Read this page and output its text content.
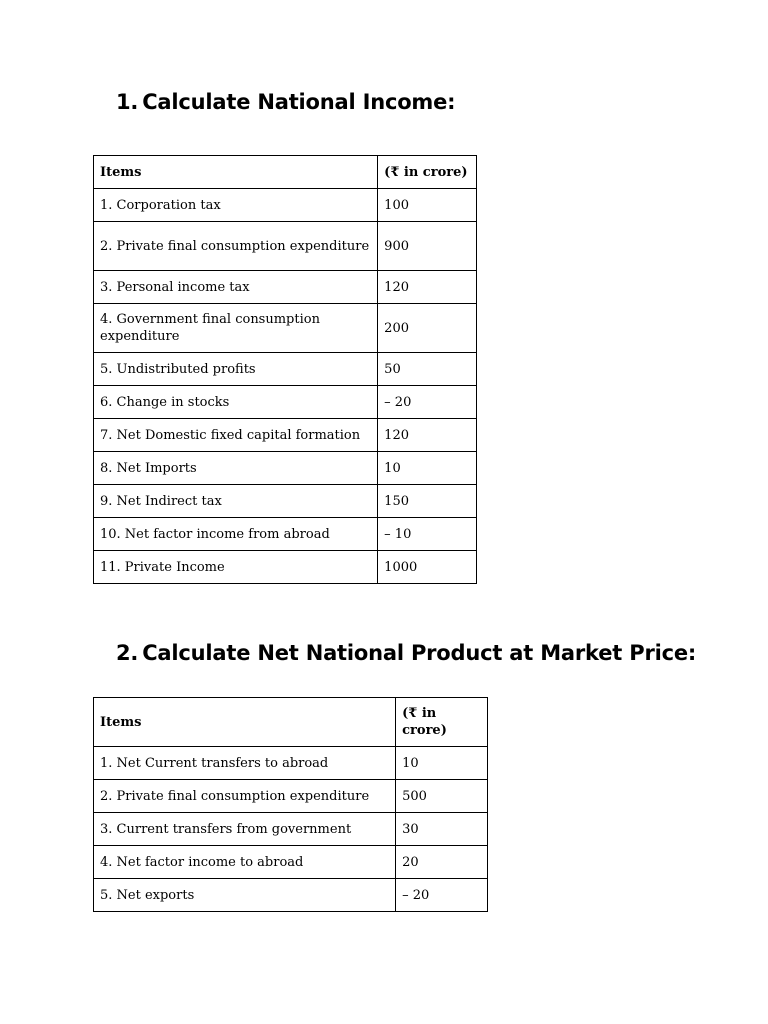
1. Calculate National Income:
Items	(₹ in crore)
1. Corporation tax	100
2. Private final consumption expenditure	900
3. Personal income tax	120
4. Government final consumption expenditure	200
5. Undistributed profits	50
6. Change in stocks	– 20
7. Net Domestic fixed capital formation	120
8. Net Imports	10
9. Net Indirect tax	150
10. Net factor income from abroad	– 10
11. Private Income	1000
2. Calculate Net National Product at Market Price:
Items	(₹ in crore)
1. Net Current transfers to abroad	10
2. Private final consumption expenditure	500
3. Current transfers from government	30
4. Net factor income to abroad	20
5. Net exports	– 20
